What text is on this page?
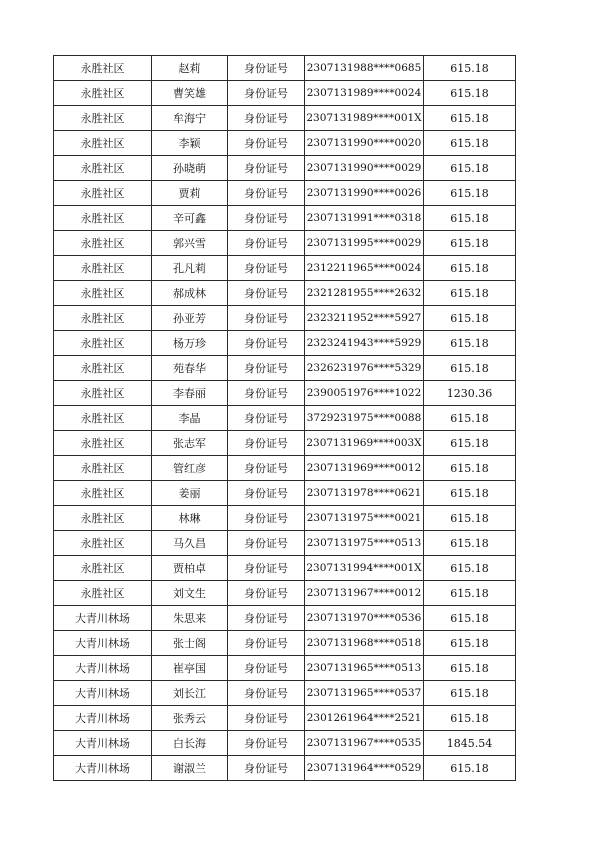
永胜社区	赵莉	身份证号	2307131988****0685	615.18
永胜社区	曹笑雄	身份证号	2307131989****0024	615.18
永胜社区	牟海宁	身份证号	2307131989****001X	615.18
永胜社区	李颖	身份证号	2307131990****0020	615.18
永胜社区	孙晓萌	身份证号	2307131990****0029	615.18
永胜社区	贾莉	身份证号	2307131990****0026	615.18
永胜社区	辛可鑫	身份证号	2307131991****0318	615.18
永胜社区	郭兴雪	身份证号	2307131995****0029	615.18
永胜社区	孔凡莉	身份证号	2312211965****0024	615.18
永胜社区	郝成林	身份证号	2321281955****2632	615.18
永胜社区	孙亚芳	身份证号	2323211952****5927	615.18
永胜社区	杨万珍	身份证号	2323241943****5929	615.18
永胜社区	苑春华	身份证号	2326231976****5329	615.18
永胜社区	李春丽	身份证号	2390051976****1022	1230.36
永胜社区	李晶	身份证号	3729231975****0088	615.18
永胜社区	张志军	身份证号	2307131969****003X	615.18
永胜社区	管红彦	身份证号	2307131969****0012	615.18
永胜社区	姜丽	身份证号	2307131978****0621	615.18
永胜社区	林琳	身份证号	2307131975****0021	615.18
永胜社区	马久昌	身份证号	2307131975****0513	615.18
永胜社区	贾柏卓	身份证号	2307131994****001X	615.18
永胜社区	刘文生	身份证号	2307131967****0012	615.18
大青川林场	朱思来	身份证号	2307131970****0536	615.18
大青川林场	张士阁	身份证号	2307131968****0518	615.18
大青川林场	崔亭国	身份证号	2307131965****0513	615.18
大青川林场	刘长江	身份证号	2307131965****0537	615.18
大青川林场	张秀云	身份证号	2301261964****2521	615.18
大青川林场	白长海	身份证号	2307131967****0535	1845.54
大青川林场	谢淑兰	身份证号	2307131964****0529	615.18
